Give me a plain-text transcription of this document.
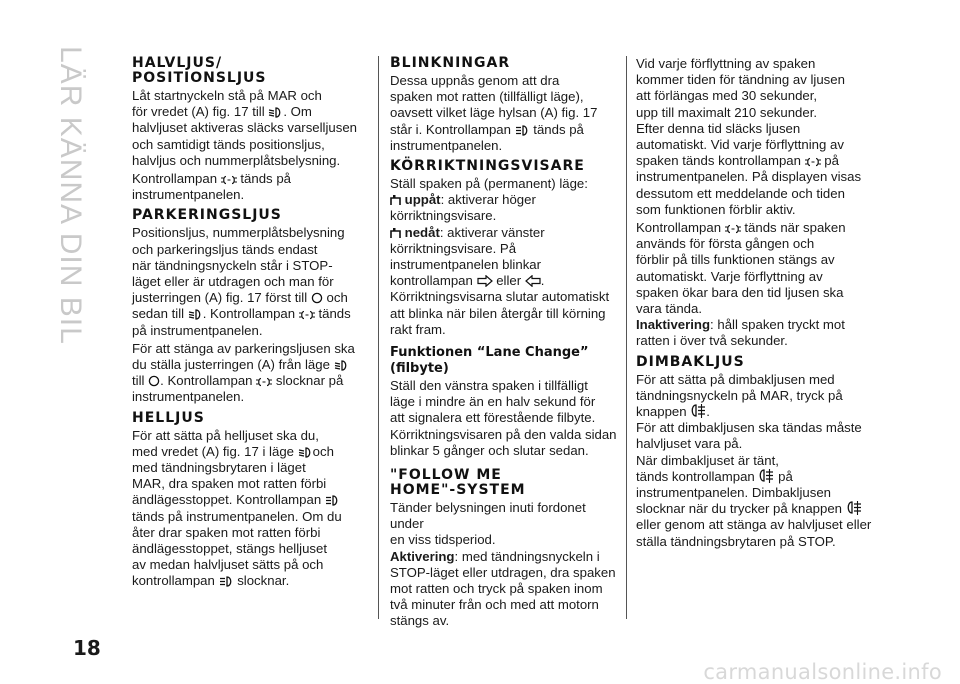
LÄR KÄNNA DIN BIL	HALVLJUS/
POSITIONSLJUS

Låt startnyckeln stå på MAR och
för vredet (A) fig. 17 till . Om
halvljuset aktiveras släcks varselljusen
och samtidigt tänds positionsljus,
halvljus och nummerplåtsbelysning.

Kontrollampan tänds på
instrumentpanelen.

PARKERINGSLJUS

Positionsljus, nummerplåtsbelysning
och parkeringsljus tänds endast
när tändningsnyckeln står i STOP-
läget eller är utdragen och man för
justerringen (A) fig. 17 först till och
sedan till . Kontrollampan tänds
på instrumentpanelen.

För att stänga av parkeringsljusen ska
du ställa justerringen (A) från läge

till . Kontrollampan slocknar på
instrumentpanelen.

HELLJUS

För att sätta på helljuset ska du,
med vredet (A) fig. 17 i läge och
med tändningsbrytaren i läget
MAR, dra spaken mot ratten förbi
ändlägesstoppet. Kontrollampan

tänds på instrumentpanelen. Om du
åter drar spaken mot ratten förbi
ändlägesstoppet, stängs helljuset
av medan halvljuset sätts på och
kontrollampan slocknar.

BLINKNINGAR

Dessa uppnås genom att dra
spaken mot ratten (tillfälligt läge),
oavsett vilket läge hylsan (A) fig. 17
står i. Kontrollampan tänds på
instrumentpanelen.

KÖRRIKTNINGSVISARE

Ställ spaken på (permanent) läge:

uppåt: aktiverar höger
körriktningsvisare.

nedåt: aktiverar vänster
körriktningsvisare. På
instrumentpanelen blinkar
kontrollampan eller .
Körriktningsvisarna slutar automatiskt
att blinka när bilen återgår till körning
rakt fram.

Funktionen “Lane Change” (filbyte)

Ställ den vänstra spaken i tillfälligt
läge i mindre än en halv sekund för
att signalera ett förestående filbyte.
Körriktningsvisaren på den valda sidan
blinkar 5 gånger och slutar sedan.

"FOLLOW ME
HOME"-SYSTEM

Tänder belysningen inuti fordonet under
en viss tidsperiod.
Aktivering: med tändningsnyckeln i
STOP-läget eller utdragen, dra spaken
mot ratten och tryck på spaken inom
två minuter från och med att motorn
stängs av.

Vid varje förflyttning av spaken
kommer tiden för tändning av ljusen
att förlängas med 30 sekunder,
upp till maximalt 210 sekunder.
Efter denna tid släcks ljusen
automatiskt. Vid varje förflyttning av
spaken tänds kontrollampan på
instrumentpanelen. På displayen visas
dessutom ett meddelande och tiden
som funktionen förblir aktiv.

Kontrollampan tänds när spaken
används för första gången och
förblir på tills funktionen stängs av
automatiskt. Varje förflyttning av
spaken ökar bara den tid ljusen ska
vara tända.
Inaktivering: håll spaken tryckt mot
ratten i över två sekunder.

DIMBAKLJUS

För att sätta på dimbakljusen med
tändningsnyckeln på MAR, tryck på
knappen .
För att dimbakljusen ska tändas måste
halvljuset vara på.
När dimbakljuset är tänt,
tänds kontrollampan på
instrumentpanelen. Dimbakljusen
slocknar när du trycker på knappen

eller genom att stänga av halvljuset eller
ställa tändningsbrytaren på STOP.

18
carmanualsonline.info
